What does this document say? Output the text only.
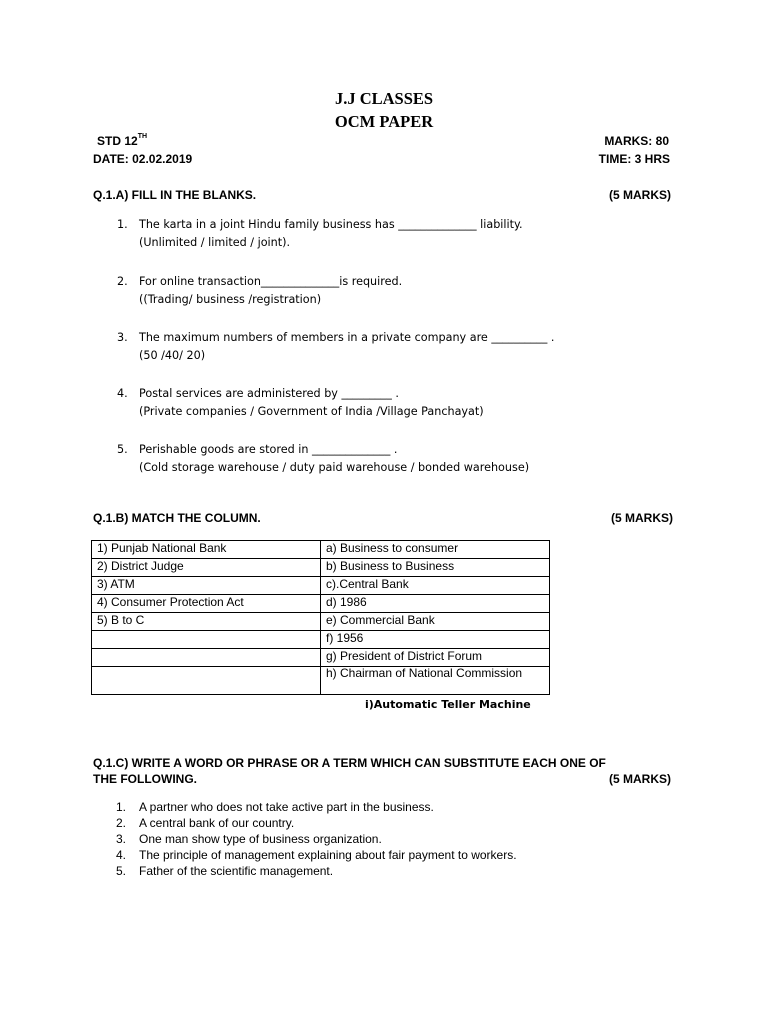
J.J CLASSES
OCM PAPER
STD 12TH	MARKS: 80
DATE: 02.02.2019	TIME: 3 HRS
Q.1.A) FILL IN THE BLANKS.	(5 MARKS)
1. The karta in a joint Hindu family business has ______________ liability.
(Unlimited / limited / joint).
2. For online transaction______________is required.
((Trading/ business /registration)
3. The maximum numbers of members in a private company are __________ .
(50 /40/ 20)
4. Postal services are administered by _________ .
(Private companies / Government of India /Village Panchayat)
5. Perishable goods are stored in ______________ .
(Cold storage warehouse / duty paid warehouse / bonded warehouse)
Q.1.B) MATCH THE COLUMN.	(5 MARKS)
1) Punjab National Bank	a) Business to consumer
2) District Judge	b) Business to Business
3) ATM	c).Central Bank
4) Consumer Protection Act	d) 1986
5) B to C	e) Commercial Bank
	f) 1956
	g) President of District Forum
	h) Chairman of National Commission
i)Automatic Teller Machine
Q.1.C) WRITE A WORD OR PHRASE OR A TERM WHICH CAN SUBSTITUTE EACH ONE OF
THE FOLLOWING.	(5 MARKS)
1. A partner who does not take active part in the business.
2. A central bank of our country.
3. One man show type of business organization.
4. The principle of management explaining about fair payment to workers.
5. Father of the scientific management.
